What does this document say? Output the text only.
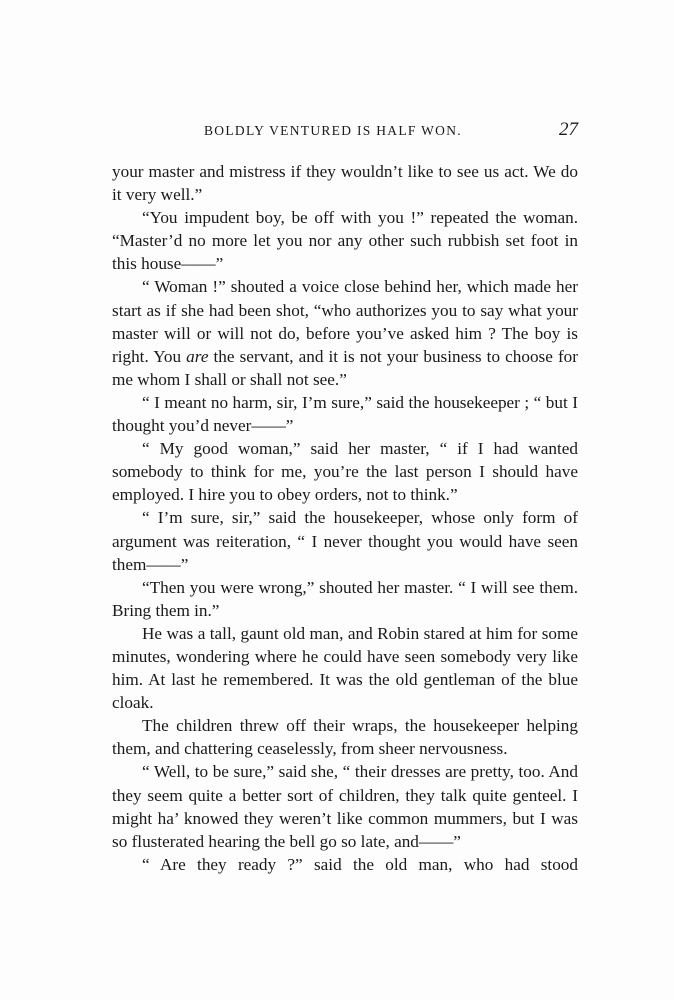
BOLDLY VENTURED IS HALF WON.	27

your master and mistress if they wouldn’t like to see us act. We do it very well.”

“You impudent boy, be off with you !” repeated the woman. “Master’d no more let you nor any other such rubbish set foot in this house——”

“ Woman !” shouted a voice close behind her, which made her start as if she had been shot, “who authorizes you to say what your master will or will not do, before you’ve asked him ? The boy is right. You are the servant, and it is not your business to choose for me whom I shall or shall not see.”

“ I meant no harm, sir, I’m sure,” said the housekeeper ; “ but I thought you’d never——”

“ My good woman,” said her master, “ if I had wanted somebody to think for me, you’re the last person I should have employed. I hire you to obey orders, not to think.”

“ I’m sure, sir,” said the housekeeper, whose only form of argument was reiteration, “ I never thought you would have seen them——”

“Then you were wrong,” shouted her master. “ I will see them. Bring them in.”

He was a tall, gaunt old man, and Robin stared at him for some minutes, wondering where he could have seen somebody very like him. At last he remembered. It was the old gentleman of the blue cloak.

The children threw off their wraps, the housekeeper helping them, and chattering ceaselessly, from sheer nervousness.

“ Well, to be sure,” said she, “ their dresses are pretty, too. And they seem quite a better sort of children, they talk quite genteel. I might ha’ knowed they weren’t like common mummers, but I was so flusterated hearing the bell go so late, and——”

“ Are they ready ?” said the old man, who had stood
